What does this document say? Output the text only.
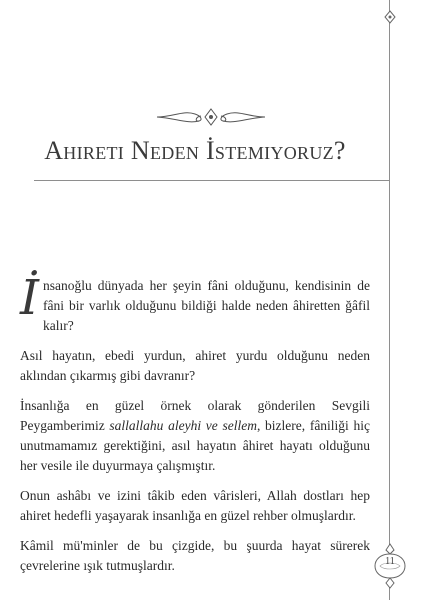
Ahireti Neden İstemiyoruz?

İnsanoğlu dünyada her şeyin fâni olduğunu, kendisinin de fâni bir varlık olduğunu bildiği halde neden âhiretten ğâfil kalır?

Asıl hayatın, ebedi yurdun, ahiret yurdu olduğunu neden aklından çıkarmış gibi davranır?

İnsanlığa en güzel örnek olarak gönderilen Sevgili Peygamberimiz sallallahu aleyhi ve sellem, bizlere, fâniliği hiç unutmamamız gerektiğini, asıl hayatın âhiret hayatı olduğunu her vesile ile duyurmaya çalışmıştır.

Onun ashâbı ve izini tâkib eden vârisleri, Allah dostları hep ahiret hedefli yaşayarak insanlığa en güzel rehber olmuşlardır.

Kâmil mü'minler de bu çizgide, bu şuurda hayat sürerek çevrelerine ışık tutmuşlardır.	11
